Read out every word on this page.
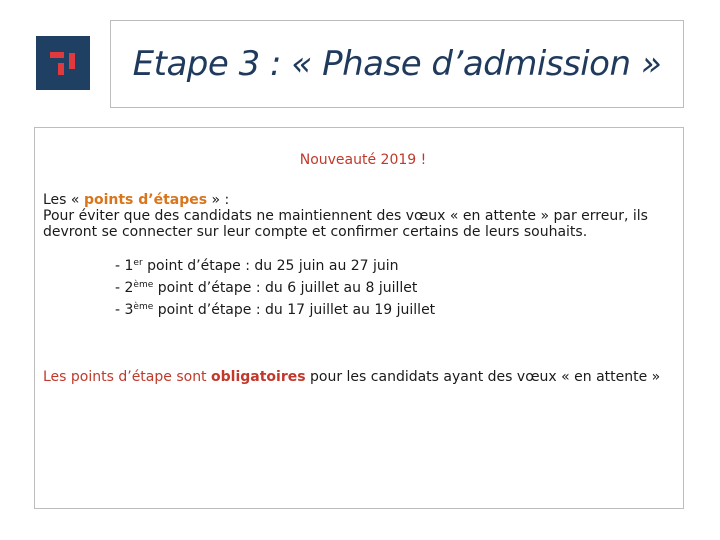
Etape 3 : « Phase d’admission »
Nouveauté 2019 !

Les « points d’étapes » :

Pour éviter que des candidats ne maintiennent des vœux « en attente » par erreur, ils devront se connecter sur leur compte et confirmer certains de leurs souhaits.

- 1er point d’étape : du 25 juin au 27 juin
- 2ème point d’étape : du 6 juillet au 8 juillet
- 3ème point d’étape : du 17 juillet au 19 juillet

Les points d’étape sont obligatoires pour les candidats ayant des vœux « en attente »
